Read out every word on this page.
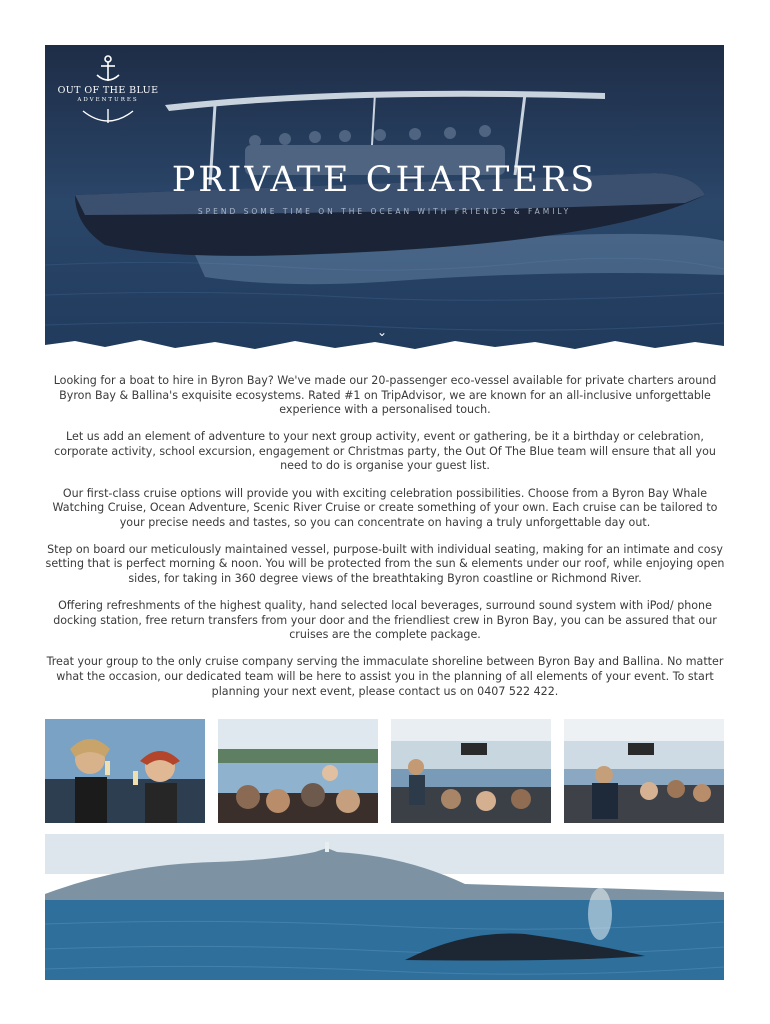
OUT OF THE BLUE
ADVENTURES
PRIVATE CHARTERS
SPEND SOME TIME ON THE OCEAN WITH FRIENDS & FAMILY
⌄

Looking for a boat to hire in Byron Bay? We've made our 20-passenger eco-vessel available for private charters around Byron Bay & Ballina's exquisite ecosystems. Rated #1 on TripAdvisor, we are known for an all-inclusive unforgettable experience with a personalised touch.

Let us add an element of adventure to your next group activity, event or gathering, be it a birthday or celebration, corporate activity, school excursion, engagement or Christmas party, the Out Of The Blue team will ensure that all you need to do is organise your guest list.

Our first-class cruise options will provide you with exciting celebration possibilities. Choose from a Byron Bay Whale Watching Cruise, Ocean Adventure, Scenic River Cruise or create something of your own. Each cruise can be tailored to your precise needs and tastes, so you can concentrate on having a truly unforgettable day out.

Step on board our meticulously maintained vessel, purpose-built with individual seating, making for an intimate and cosy setting that is perfect morning & noon. You will be protected from the sun & elements under our roof, while enjoying open sides, for taking in 360 degree views of the breathtaking Byron coastline or Richmond River.

Offering refreshments of the highest quality, hand selected local beverages, surround sound system with iPod/ phone docking station, free return transfers from your door and the friendliest crew in Byron Bay, you can be assured that our cruises are the complete package.

Treat your group to the only cruise company serving the immaculate shoreline between Byron Bay and Ballina. No matter what the occasion, our dedicated team will be here to assist you in the planning of all elements of your event. To start planning your next event, please contact us on 0407 522 422.
